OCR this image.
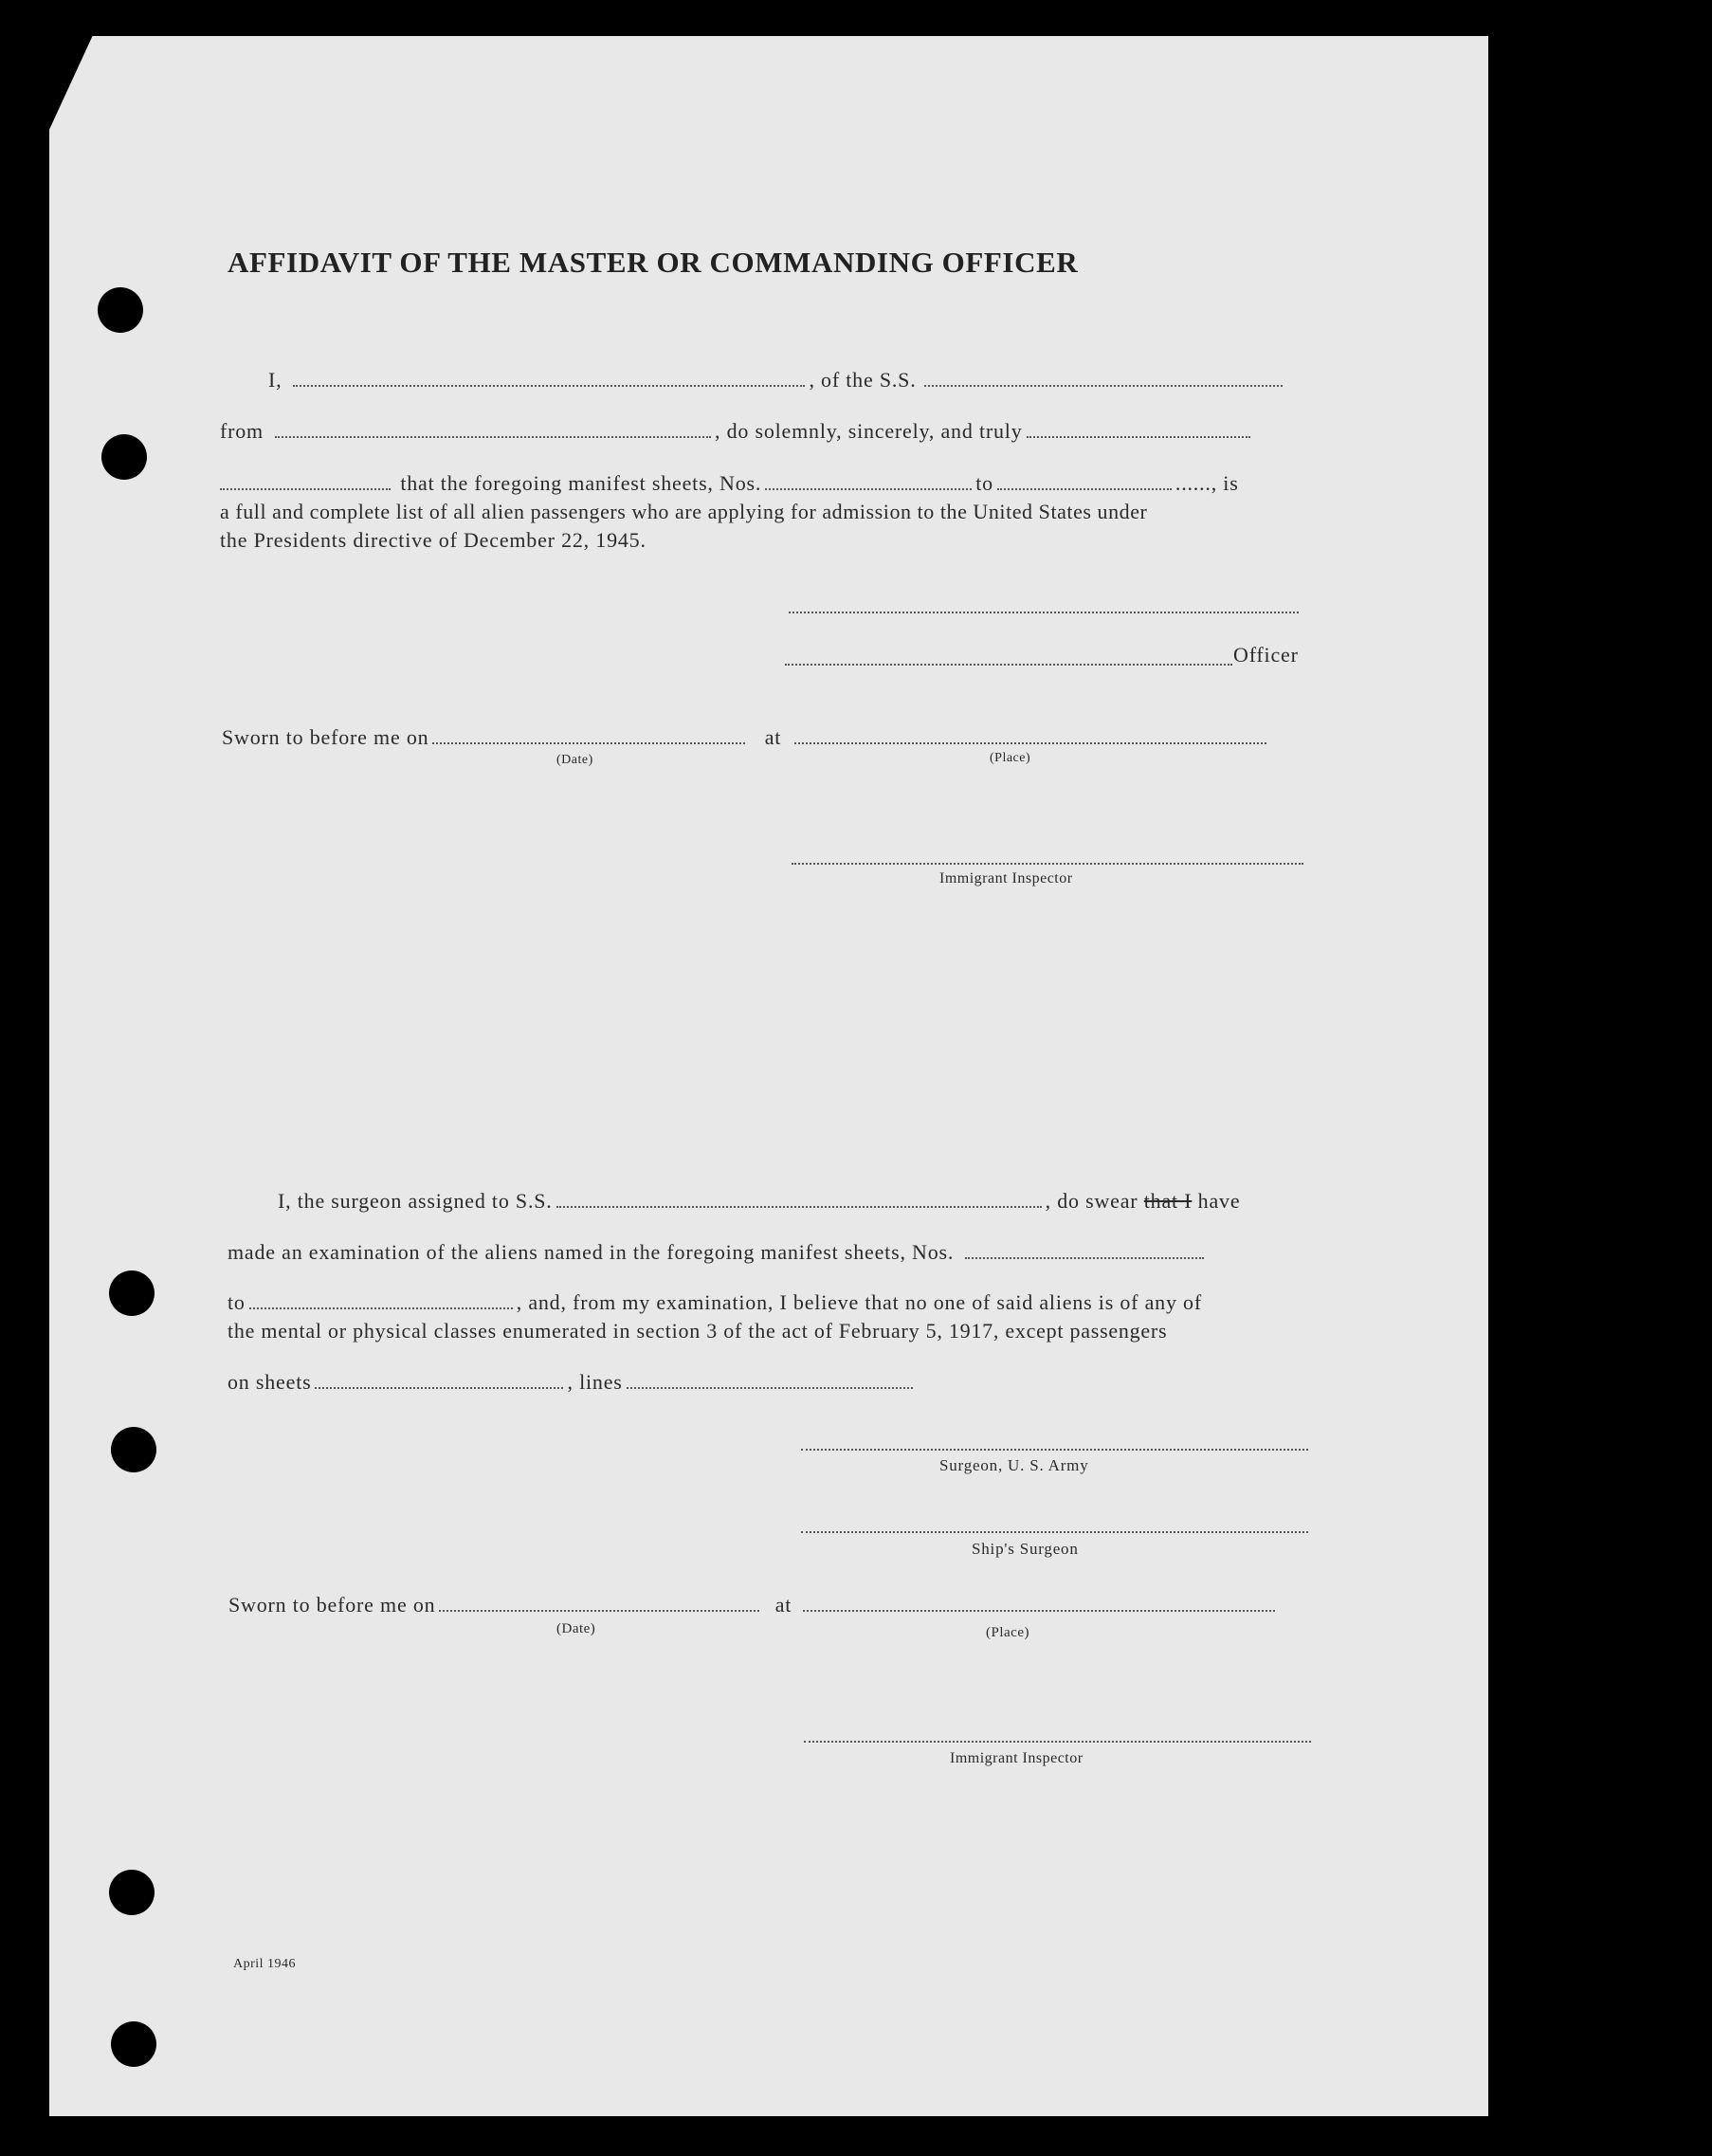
AFFIDAVIT OF THE MASTER OR COMMANDING OFFICER
I,	, of the S.S.
from	, do solemnly, sincerely, and truly
that the foregoing manifest sheets, Nos.	to	......, is
a full and complete list of all alien passengers who are applying for admission to the United States under
the Presidents directive of December 22, 1945.
Officer
Sworn to before me on	at
(Date)	(Place)
Immigrant Inspector
I, the surgeon assigned to S.S.	, do swear that I have
made an examination of the aliens named in the foregoing manifest sheets, Nos.
to	, and, from my examination, I believe that no one of said aliens is of any of
the mental or physical classes enumerated in section 3 of the act of February 5, 1917, except passengers
on sheets	, lines
Surgeon, U. S. Army
Ship's Surgeon
Sworn to before me on	at
(Date)	(Place)
Immigrant Inspector
April 1946
